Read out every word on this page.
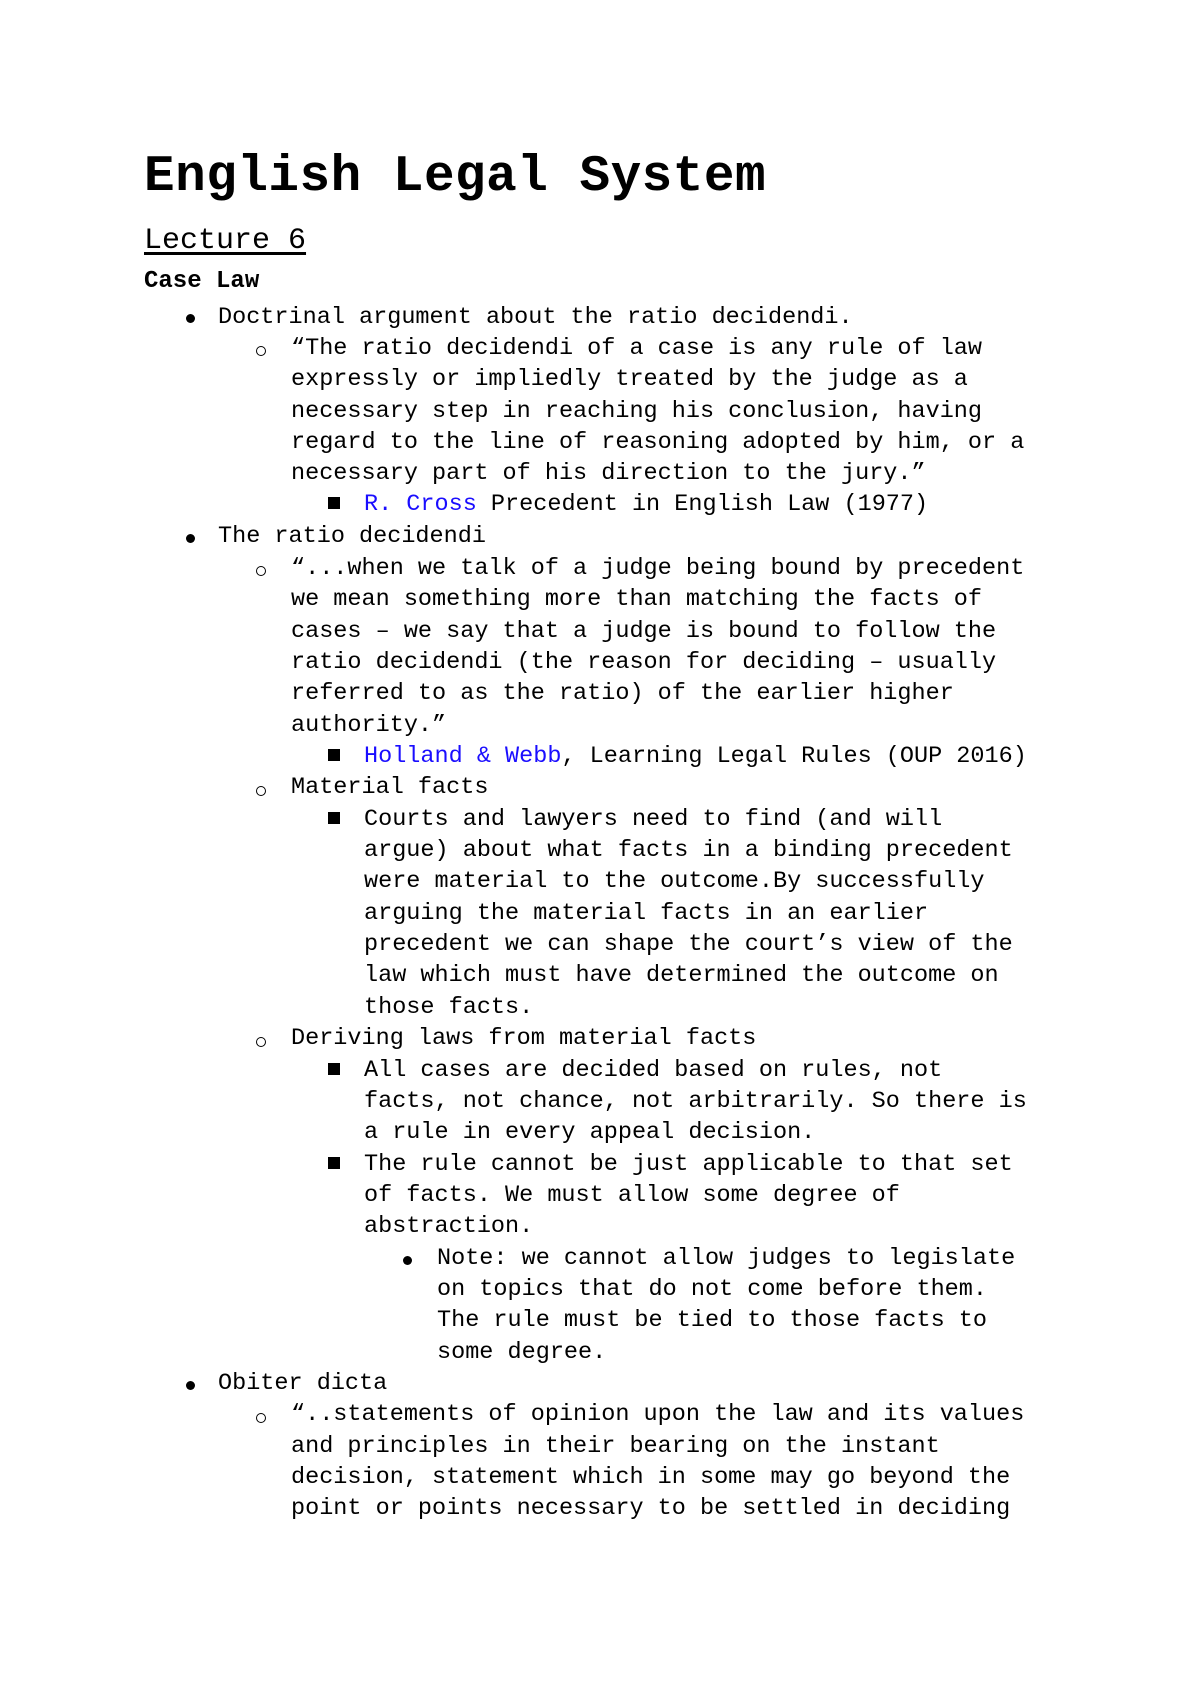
English Legal System
Lecture 6
Case Law
Doctrinal argument about the ratio decidendi.
“The ratio decidendi of a case is any rule of law
expressly or impliedly treated by the judge as a
necessary step in reaching his conclusion, having
regard to the line of reasoning adopted by him, or a
necessary part of his direction to the jury.”
R. Cross Precedent in English Law (1977)
The ratio decidendi
“...when we talk of a judge being bound by precedent
we mean something more than matching the facts of
cases – we say that a judge is bound to follow the
ratio decidendi (the reason for deciding – usually
referred to as the ratio) of the earlier higher
authority.”
Holland & Webb, Learning Legal Rules (OUP 2016)
Material facts
Courts and lawyers need to find (and will
argue) about what facts in a binding precedent
were material to the outcome.By successfully
arguing the material facts in an earlier
precedent we can shape the court’s view of the
law which must have determined the outcome on
those facts.
Deriving laws from material facts
All cases are decided based on rules, not
facts, not chance, not arbitrarily. So there is
a rule in every appeal decision.
The rule cannot be just applicable to that set
of facts. We must allow some degree of
abstraction.
Note: we cannot allow judges to legislate
on topics that do not come before them.
The rule must be tied to those facts to
some degree.
Obiter dicta
“..statements of opinion upon the law and its values
and principles in their bearing on the instant
decision, statement which in some may go beyond the
point or points necessary to be settled in deciding
